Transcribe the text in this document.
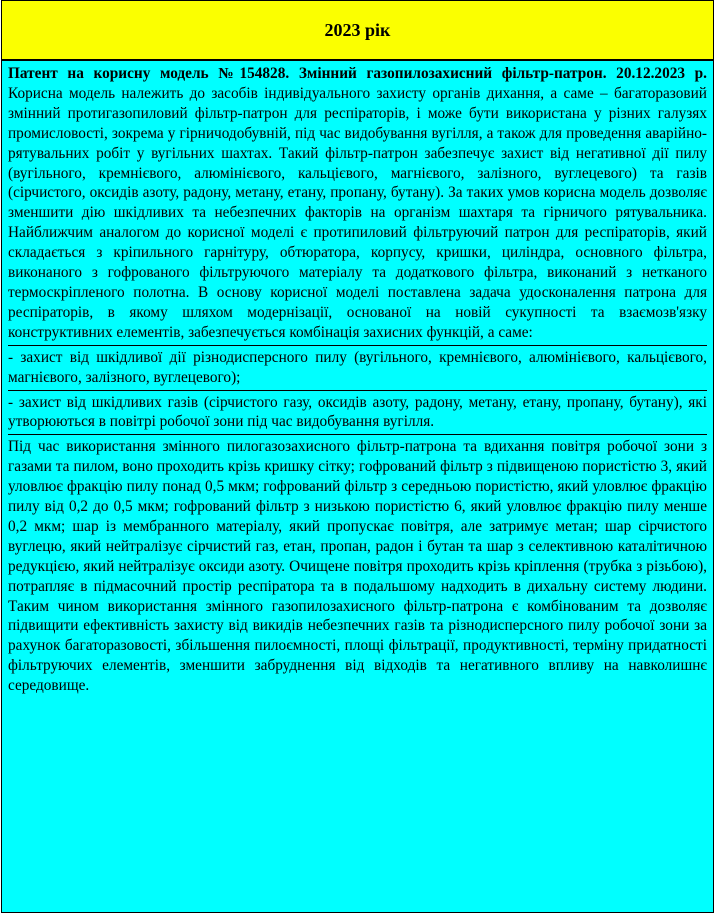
2023 рік

Патент на корисну модель №154828. Змінний газопилозахисний фільтр-патрон. 20.12.2023 р. Корисна модель належить до засобів індивідуального захисту органів дихання, а саме – багаторазовий змінний протигазопиловий фільтр-патрон для респіраторів, і може бути використана у різних галузях промисловості, зокрема у гірничодобувній, під час видобування вугілля, а також для проведення аварійно-рятувальних робіт у вугільних шахтах. Такий фільтр-патрон забезпечує захист від негативної дії пилу (вугільного, кремнієвого, алюмінієвого, кальцієвого, магнієвого, залізного, вуглецевого) та газів (сірчистого, оксидів азоту, радону, метану, етану, пропану, бутану). За таких умов корисна модель дозволяє зменшити дію шкідливих та небезпечних факторів на організм шахтаря та гірничого рятувальника. Найближчим аналогом до корисної моделі є протипиловий фільтруючий патрон для респіраторів, який складається з кріпильного гарнітуру, обтюратора, корпусу, кришки, циліндра, основного фільтра, виконаного з гофрованого фільтруючого матеріалу та додаткового фільтра, виконаний з нетканого термоскріпленого полотна. В основу корисної моделі поставлена задача удосконалення патрона для респіраторів, в якому шляхом модернізації, основаної на новій сукупності та взаємозв'язку конструктивних елементів, забезпечується комбінація захисних функцій, а саме:

- захист від шкідливої дії різнодисперсного пилу (вугільного, кремнієвого, алюмінієвого, кальцієвого, магнієвого, залізного, вуглецевого);

- захист від шкідливих газів (сірчистого газу, оксидів азоту, радону, метану, етану, пропану, бутану), які утворюються в повітрі робочої зони під час видобування вугілля.

Під час використання змінного пилогазозахисного фільтр-патрона та вдихання повітря робочої зони з газами та пилом, воно проходить крізь кришку сітку; гофрований фільтр з підвищеною пористістю 3, який уловлює фракцію пилу понад 0,5 мкм; гофрований фільтр з середньою пористістю, який уловлює фракцію пилу від 0,2 до 0,5 мкм; гофрований фільтр з низькою пористістю 6, який уловлює фракцію пилу менше 0,2 мкм; шар із мембранного матеріалу, який пропускає повітря, але затримує метан; шар сірчистого вуглецю, який нейтралізує сірчистий газ, етан, пропан, радон і бутан та шар з селективною каталітичною редукцією, який нейтралізує оксиди азоту. Очищене повітря проходить крізь кріплення (трубка з різьбою), потрапляє в підмасочний простір респіратора та в подальшому надходить в дихальну систему людини. Таким чином використання змінного газопилозахисного фільтр-патрона є комбінованим та дозволяє підвищити ефективність захисту від викидів небезпечних газів та різнодисперсного пилу робочої зони за рахунок багаторазовості, збільшення пилоємності, площі фільтрації, продуктивності, терміну придатності фільтруючих елементів, зменшити забруднення від відходів та негативного впливу на навколишнє середовище.
